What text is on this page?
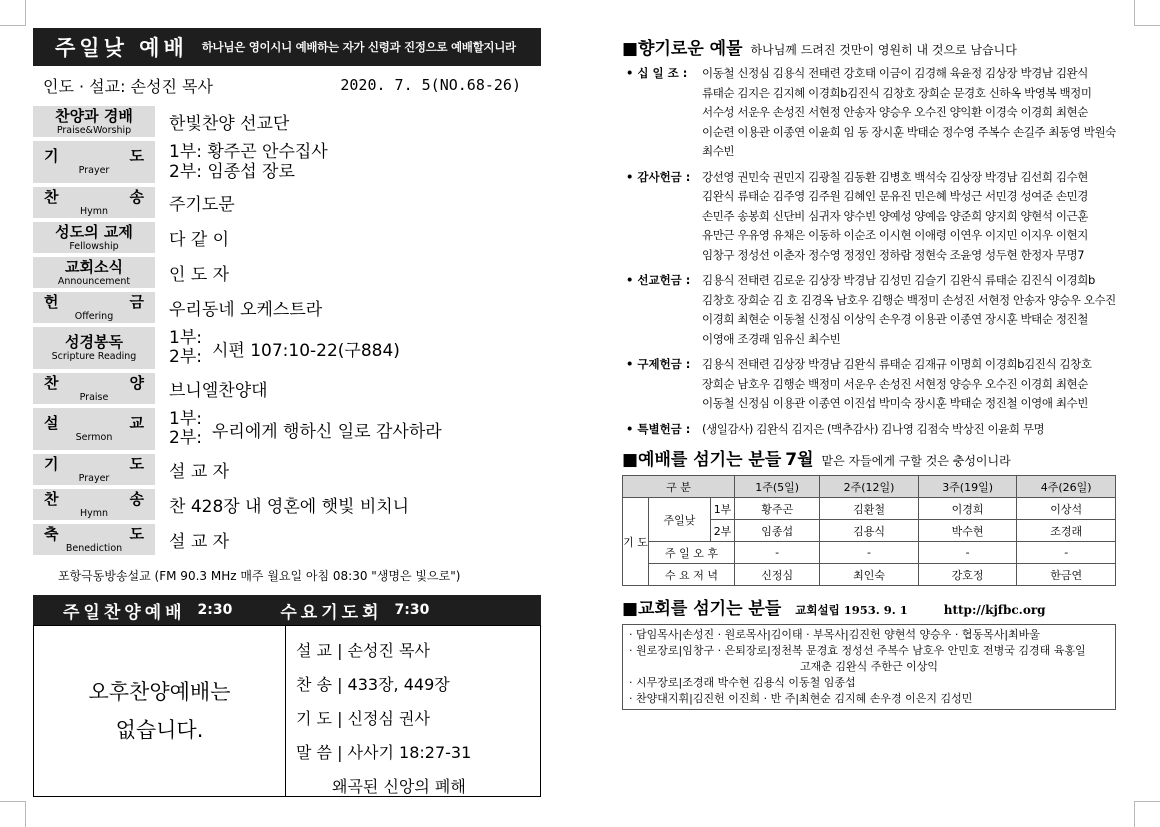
주일낮 예배 하나님은 영이시니 예배하는 자가 신령과 진정으로 예배할지니라
인도 · 설교: 손성진 목사	2020. 7. 5(NO.68-26)
찬양과 경배
Praise&Worship 한빛찬양 선교단
기	도
Prayer
1부: 황주곤 안수집사
2부: 임종섭 장로
찬	송
Hymn	주기도문
성도의 교제
Fellowship	다 같 이
교회소식
Announcement 인 도 자
헌	금
Offering	우리동네 오케스트라
성경봉독
Scripture Reading
1부:
2부: 시편 107:10-22(구884)
찬	양
Praise	브니엘찬양대
설	교
Sermon
1부:
2부: 우리에게 행하신 일로 감사하라
기	도
Prayer	설 교 자
찬	송
Hymn	찬 428장 내 영혼에 햇빛 비치니
축	도
Benediction	설 교 자
포항극동방송설교 (FM 90.3 MHz 매주 월요일 아침 08:30 "생명은 빛으로")
주일찬양예배 2:30	수요기도회 7:30
오후찬양예배는
없습니다.
설 교 | 손성진 목사
찬 송 | 433장, 449장
기 도 | 신정심 권사
말 씀 | 사사기 18:27-31
왜곡된 신앙의 폐해
■향기로운 예물 하나님께 드려진 것만이 영원히 내 것으로 남습니다
• 십 일 조 :	이동철 신정심 김용식 전태련 강호태 이금이 김경해 육윤정 김상장 박경남 김완식 류태순 김지은 김지혜 이경희b김진식 김창호 장희순 문경호 신하옥 박영복 백정미 서수성 서운우 손성진 서현정 안송자 양승우 오수진 양익환 이경숙 이경희 최현순 이순련 이용관 이종연 이윤희 임 동 장시훈 박태순 정수영 주복수 손길주 최동영 박원숙 최수빈
• 감사헌금 :	강선영 권민숙 권민지 김광칠 김동환 김병호 백석숙 김상장 박경남 김선희 김수현 김완식 류태순 김주영 김주원 김혜인 문유진 민은혜 박성근 서민경 성여준 손민경 손민주 송봉희 신단비 심귀자 양수빈 양예성 양예음 양준희 양지희 양현석 이근훈 유만근 우유영 유채은 이동하 이순조 이시현 이애령 이연우 이지민 이지우 이현지 임창구 정성선 이춘자 정수영 정정인 정하람 정현숙 조윤영 성두현 한정자 무명7
• 선교헌금 :	김용식 전태련 김로운 김상장 박경남 김성민 김슬기 김완식 류태순 김진식 이경희b 김창호 장희순 김 호 김경옥 남호우 김행순 백정미 손성진 서현정 안송자 양승우 오수진 이경희 최현순 이동철 신정심 이상익 손우경 이용관 이종연 장시훈 박태순 정진철 이영애 조경래 임유신 최수빈
• 구제헌금 :	김용식 전태련 김상장 박경남 김완식 류태순 김재규 이명희 이경희b김진식 김창호 장희순 남호우 김행순 백정미 서운우 손성진 서현정 양승우 오수진 이경희 최현순 이동철 신정심 이용관 이종연 이진섭 박미숙 장시훈 박태순 정진철 이영애 최수빈
• 특별헌금 :	(생일감사) 김완식 김지은 (맥추감사) 김나영 김점숙 박상진 이윤희 무명
■예배를 섬기는 분들 7월 맡은 자들에게 구할 것은 충성이니라
구 분			1주(5일)	2주(12일)	3주(19일)	4주(26일)
기 도	주일낮	1부	황주곤	김환철	이경희	이상석
		2부	임종섭	김용식	박수현	조경래
	주 일 오 후		-	-	-	-
	수 요 저 녁		신정심	최인숙	강호정	한금연
■교회를 섬기는 분들 교회설립 1953. 9. 1	http://kjfbc.org
· 담임목사|손성진 · 원로목사|김이태 · 부목사|김진헌 양현석 양승우 · 협동목사|최바울
· 원로장로|임창구 · 은퇴장로|정천복 문경효 정성선 주복수 남호우 안민호 전병국 김경태 육홍일
고재춘 김완식 주한근 이상익
· 시무장로|조경래 박수현 김용식 이동철 임종섭
· 찬양대지휘|김진헌 이진희 · 반 주|최현순 김지혜 손우경 이은지 김성민
